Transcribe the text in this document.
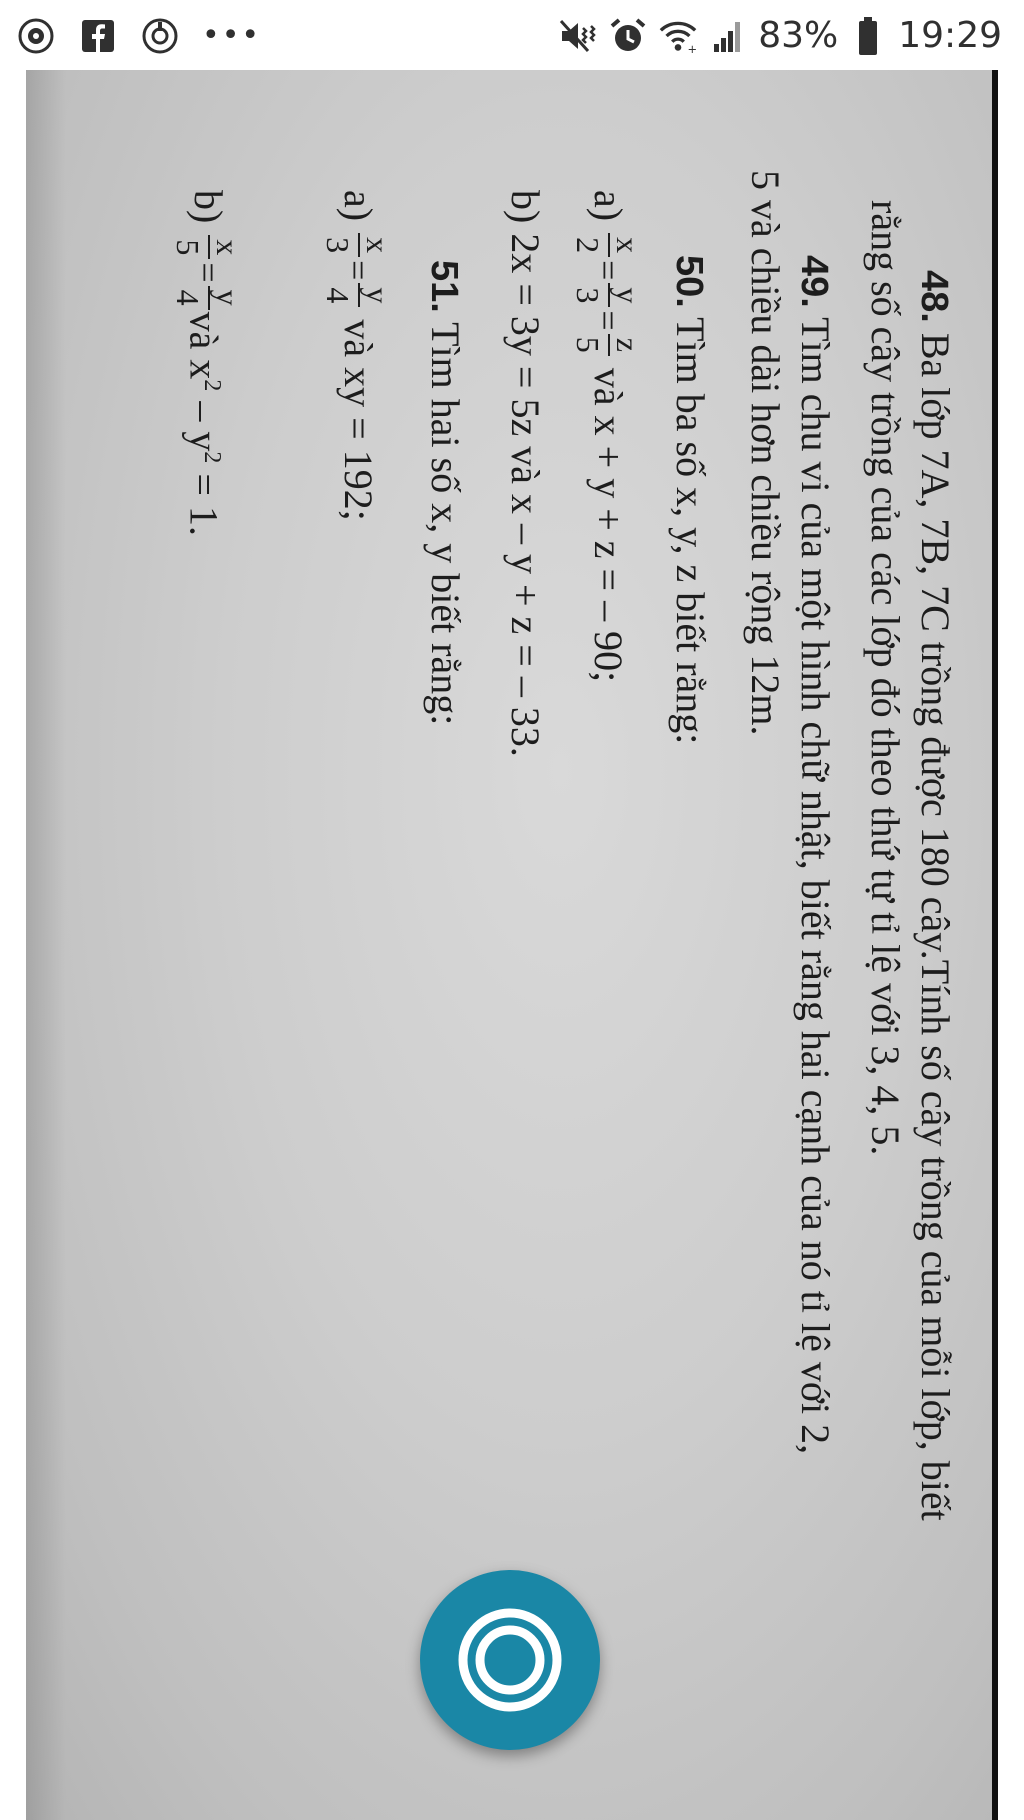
•••	+ 83% 19:29
48. Ba lớp 7A, 7B, 7C trồng được 180 cây.Tính số cây trồng của mỗi lớp, biết
rằng số cây trồng của các lớp đó theo thứ tự tỉ lệ với 3, 4, 5.
49. Tìm chu vi của một hình chữ nhật, biết rằng hai cạnh của nó tỉ lệ với 2,
5 và chiều dài hơn chiều rộng 12m.
50. Tìm ba số x, y, z biết rằng:
a)

x
2
=
y
3
=
z
5

và x + y + z = – 90;
b) 2x = 3y = 5z và x – y + z = – 33.
51. Tìm hai số x, y biết rằng:
a)

x
3
=
y
4

và xy = 192;
b)

x
5
=
y
4
và $x^2 - y^2 = 1$.
